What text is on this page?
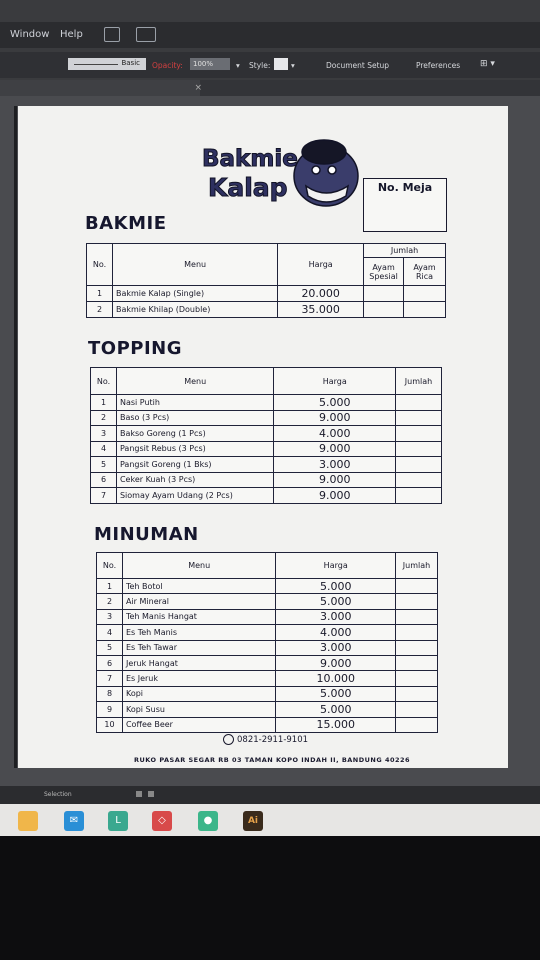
Window Help
Basic Opacity:	100%	▾ Style:	▾	Document Setup	Preferences ⊞ ▾
×
Bakmie
Kalap	No. Meja
BAKMIE
No.	Menu	Harga	Jumlah	
			Ayam Spesial	Ayam Rica
1	Bakmie Kalap (Single)	20.000		
2	Bakmie Khilap (Double)	35.000		
TOPPING
No.	Menu	Harga	Jumlah
1	Nasi Putih	5.000	
2	Baso (3 Pcs)	9.000	
3	Bakso Goreng (1 Pcs)	4.000	
4	Pangsit Rebus (3 Pcs)	9.000	
5	Pangsit Goreng (1 Bks)	3.000	
6	Ceker Kuah (3 Pcs)	9.000	
7	Siomay Ayam Udang (2 Pcs)	9.000	
MINUMAN
No.	Menu	Harga	Jumlah
1	Teh Botol	5.000	
2	Air Mineral	5.000	
3	Teh Manis Hangat	3.000	
4	Es Teh Manis	4.000	
5	Es Teh Tawar	3.000	
6	Jeruk Hangat	9.000	
7	Es Jeruk	10.000	
8	Kopi	5.000	
9	Kopi Susu	5.000	
10	Coffee Beer	15.000	
0821-2911-9101
RUKO PASAR SEGAR RB 03 TAMAN KOPO INDAH II, BANDUNG 40226
Selection
✉	L	◇	●	Ai
